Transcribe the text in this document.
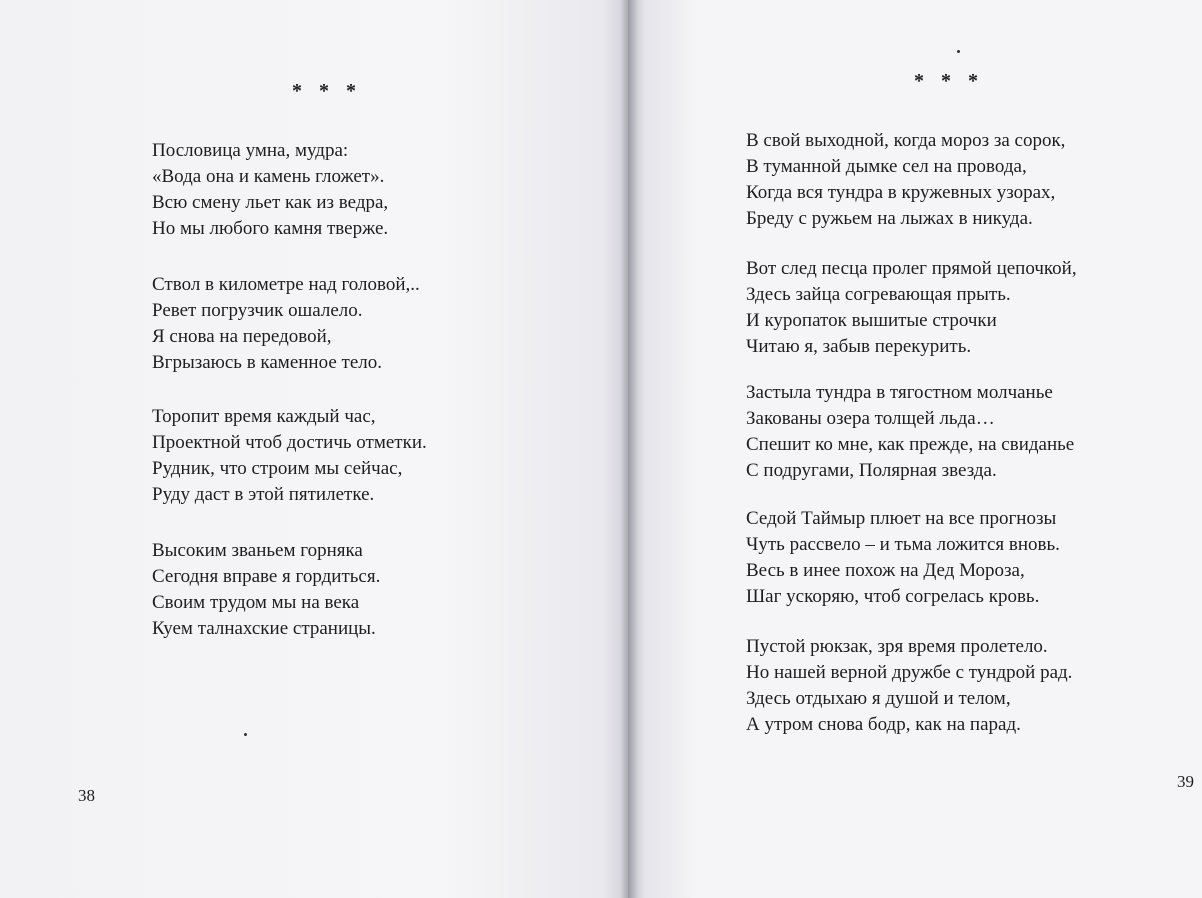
* * *
Пословица умна, мудра:
«Вода она и камень гложет».
Всю смену льет как из ведра,
Но мы любого камня тверже.
Ствол в километре над головой,..
Ревет погрузчик ошалело.
Я снова на передовой,
Вгрызаюсь в каменное тело.
Торопит время каждый час,
Проектной чтоб достичь отметки.
Рудник, что строим мы сейчас,
Руду даст в этой пятилетке.
Высоким званьем горняка
Сегодня вправе я гордиться.
Своим трудом мы на века
Куем талнахские страницы.
38
* * *
В свой выходной, когда мороз за сорок,
В туманной дымке сел на провода,
Когда вся тундра в кружевных узорах,
Бреду с ружьем на лыжах в никуда.
Вот след песца пролег прямой цепочкой,
Здесь зайца согревающая прыть.
И куропаток вышитые строчки
Читаю я, забыв перекурить.
Застыла тундра в тягостном молчанье
Закованы озера толщей льда…
Спешит ко мне, как прежде, на свиданье
С подругами, Полярная звезда.
Седой Таймыр плюет на все прогнозы
Чуть рассвело – и тьма ложится вновь.
Весь в инее похож на Дед Мороза,
Шаг ускоряю, чтоб согрелась кровь.
Пустой рюкзак, зря время пролетело.
Но нашей верной дружбе с тундрой рад.
Здесь отдыхаю я душой и телом,
А утром снова бодр, как на парад.
39
